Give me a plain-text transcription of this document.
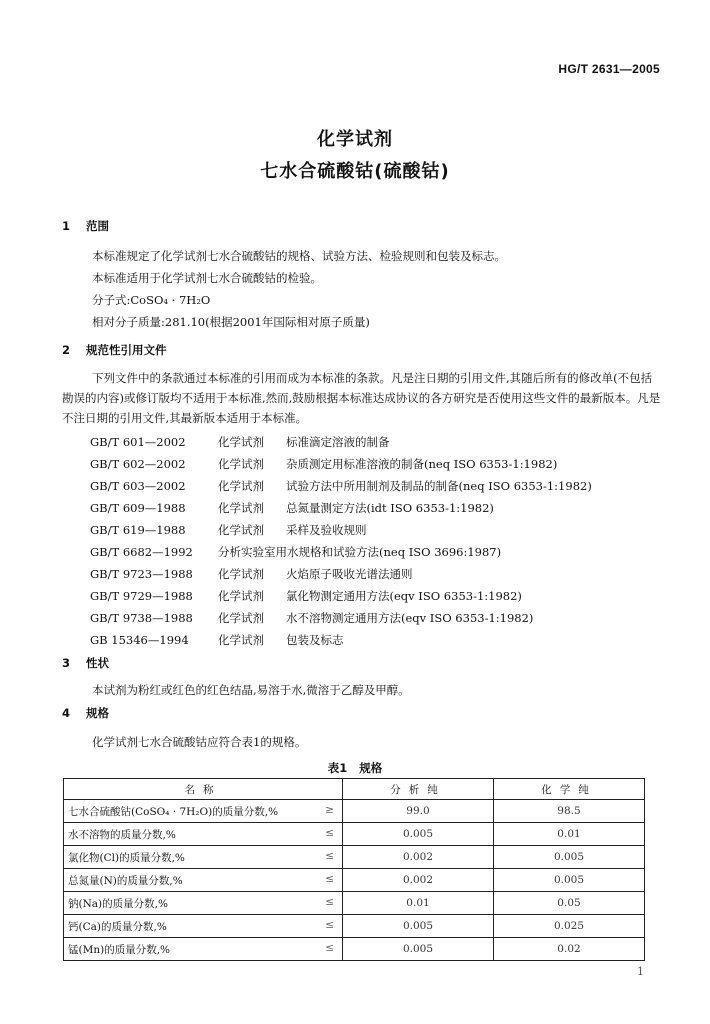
HG/T 2631—2005
化学试剂
七水合硫酸钴(硫酸钴)
1 范围
本标准规定了化学试剂七水合硫酸钴的规格、试验方法、检验规则和包装及标志。
本标准适用于化学试剂七水合硫酸钴的检验。
分子式:CoSO₄ · 7H₂O
相对分子质量:281.10(根据2001年国际相对原子质量)
2 规范性引用文件
下列文件中的条款通过本标准的引用而成为本标准的条款。凡是注日期的引用文件,其随后所有的修改单(不包括勘误的内容)或修订版均不适用于本标准,然而,鼓励根据本标准达成协议的各方研究是否使用这些文件的最新版本。凡是不注日期的引用文件,其最新版本适用于本标准。
GB/T 601—2002	化学试剂 标准滴定溶液的制备
GB/T 602—2002	化学试剂 杂质测定用标准溶液的制备(neq ISO 6353-1:1982)
GB/T 603—2002	化学试剂 试验方法中所用制剂及制品的制备(neq ISO 6353-1:1982)
GB/T 609—1988	化学试剂 总氮量测定方法(idt ISO 6353-1:1982)
GB/T 619—1988	化学试剂 采样及验收规则
GB/T 6682—1992 分析实验室用水规格和试验方法(neq ISO 3696:1987)
GB/T 9723—1988 化学试剂 火焰原子吸收光谱法通则
GB/T 9729—1988 化学试剂 氯化物测定通用方法(eqv ISO 6353-1:1982)
GB/T 9738—1988 化学试剂 水不溶物测定通用方法(eqv ISO 6353-1:1982)
GB 15346—1994	化学试剂 包装及标志
3 性状
本试剂为粉红或红色的红色结晶,易溶于水,微溶于乙醇及甲醇。
4 规格
化学试剂七水合硫酸钴应符合表1的规格。
表1 规格
名称	分析纯	化学纯
七水合硫酸钴(CoSO₄ · 7H₂O)的质量分数,% ≥	99.0	98.5
水不溶物的质量分数,% ≤	0.005	0.01
氯化物(Cl)的质量分数,% ≤	0.002	0.005
总氮量(N)的质量分数,% ≤	0.002	0.005
钠(Na)的质量分数,% ≤	0.01	0.05
钙(Ca)的质量分数,% ≤	0.005	0.025
锰(Mn)的质量分数,% ≤	0.005	0.02
1
